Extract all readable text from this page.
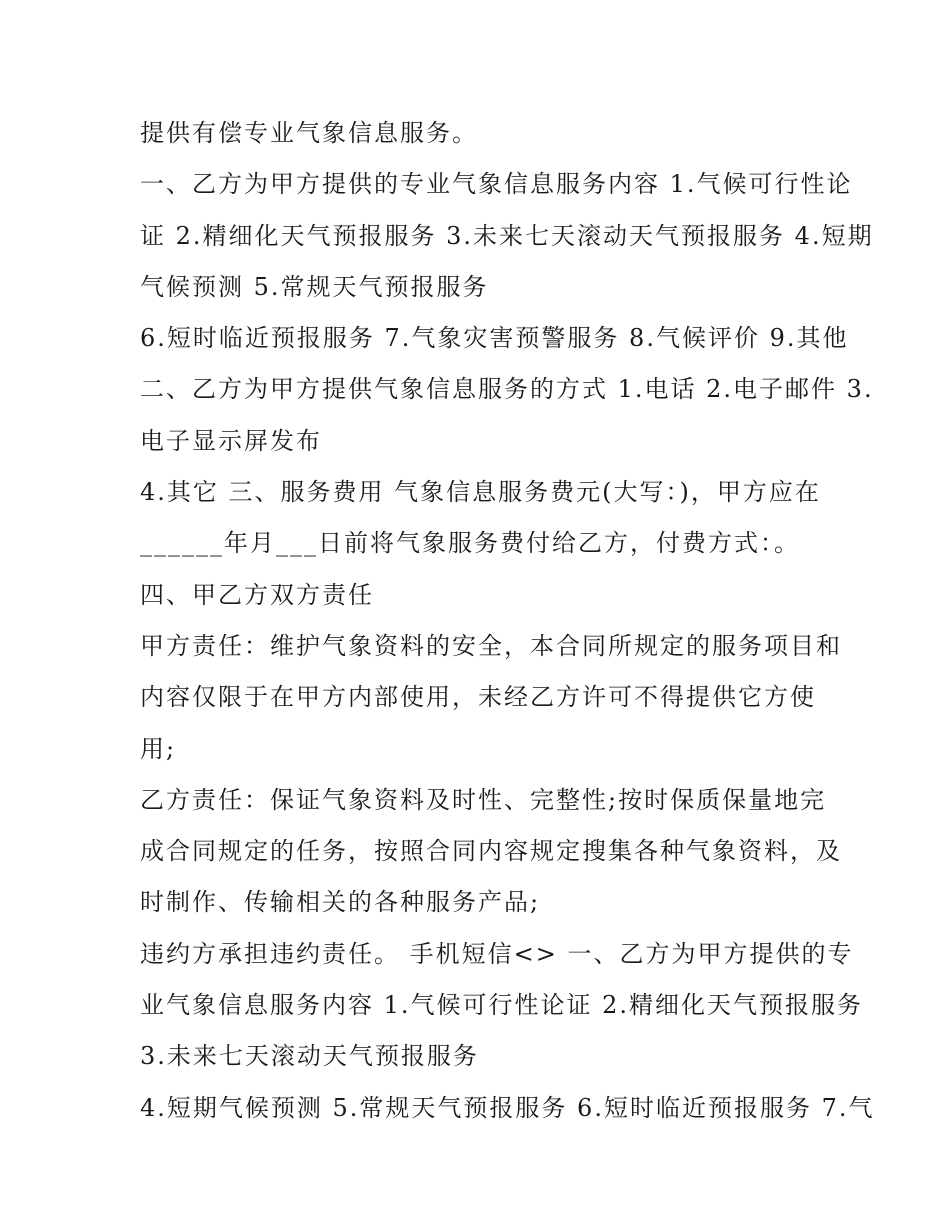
提供有偿专业气象信息服务。
一、乙方为甲方提供的专业气象信息服务内容 1.气候可行性论
证 2.精细化天气预报服务 3.未来七天滚动天气预报服务 4.短期
气候预测 5.常规天气预报服务
6.短时临近预报服务 7.气象灾害预警服务 8.气候评价 9.其他
二、乙方为甲方提供气象信息服务的方式 1.电话 2.电子邮件 3.
电子显示屏发布
4.其它 三、服务费用 气象信息服务费元(大写：)，甲方应在
______年月___日前将气象服务费付给乙方，付费方式：。
四、甲乙方双方责任
甲方责任：维护气象资料的安全，本合同所规定的服务项目和
内容仅限于在甲方内部使用，未经乙方许可不得提供它方使
用;
乙方责任：保证气象资料及时性、完整性;按时保质保量地完
成合同规定的任务，按照合同内容规定搜集各种气象资料，及
时制作、传输相关的各种服务产品;
违约方承担违约责任。 手机短信<> 一、乙方为甲方提供的专
业气象信息服务内容 1.气候可行性论证 2.精细化天气预报服务
3.未来七天滚动天气预报服务
4.短期气候预测 5.常规天气预报服务 6.短时临近预报服务 7.气
